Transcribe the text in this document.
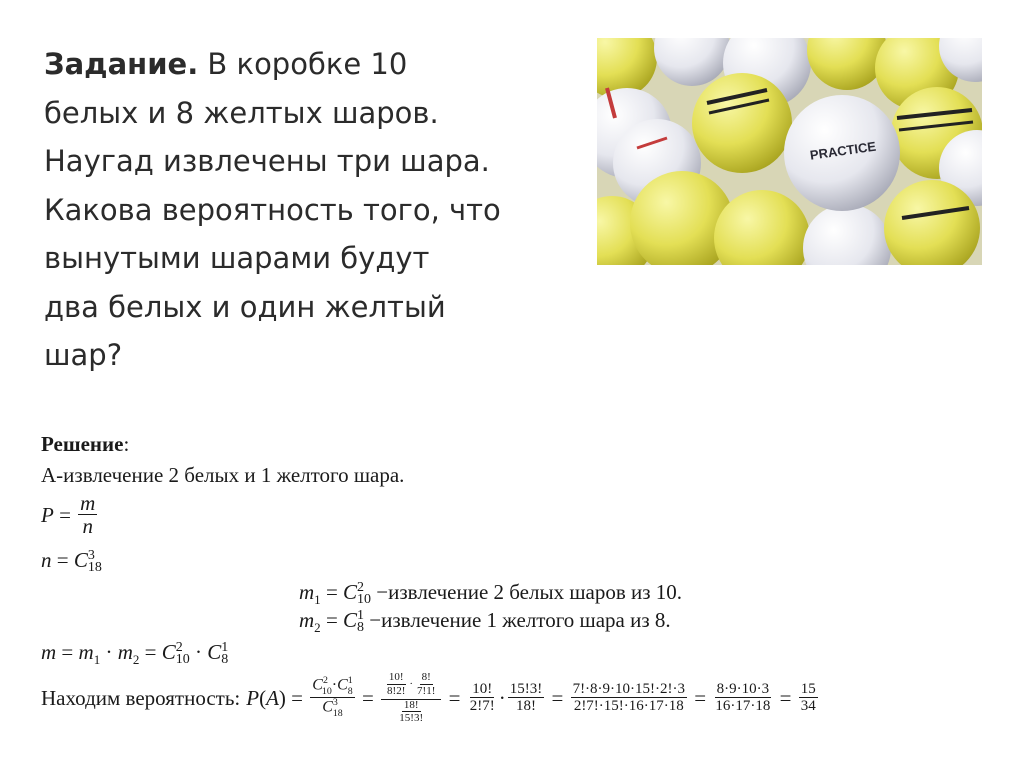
Задание. В коробке 10
белых и 8 желтых шаров.
Наугад извлечены три шара.
Какова вероятность того, что
вынутыми шарами будут
два белых и один желтый
шар?
PRACTICE
Решение:
А-извлечение 2 белых и 1 желтого шара.
$P = \frac{m}{n}$
n = C3
18
$m_1 = C2$
10 −извлечение 2 белых шаров из 10.
$m_2 = C1$
8 −извлечение 1 желтого шара из 8.
$m = m_1 \cdot m_2 = C2$
10 · C1
8
Находим вероятность: P ( A ) = $\frac{C^2_{10}\cdot C^1_8}{C^3_{18}} = \frac{\frac{10!}{8!2!} \cdot \frac{8!}{7!1!}}{\frac{18!}{15!3!}} = \frac{10!}{2!7!} \cdot \frac{15!3!}{18!} = \frac{7!\cdot 8\cdot 9\cdot 10\cdot 15!\cdot 2!\cdot 3}{2!7!\cdot 15!\cdot 16\cdot 17\cdot 18} = \frac{8\cdot 9\cdot 10\cdot 3}{16\cdot 17\cdot 18} = \frac{15}{34}$
